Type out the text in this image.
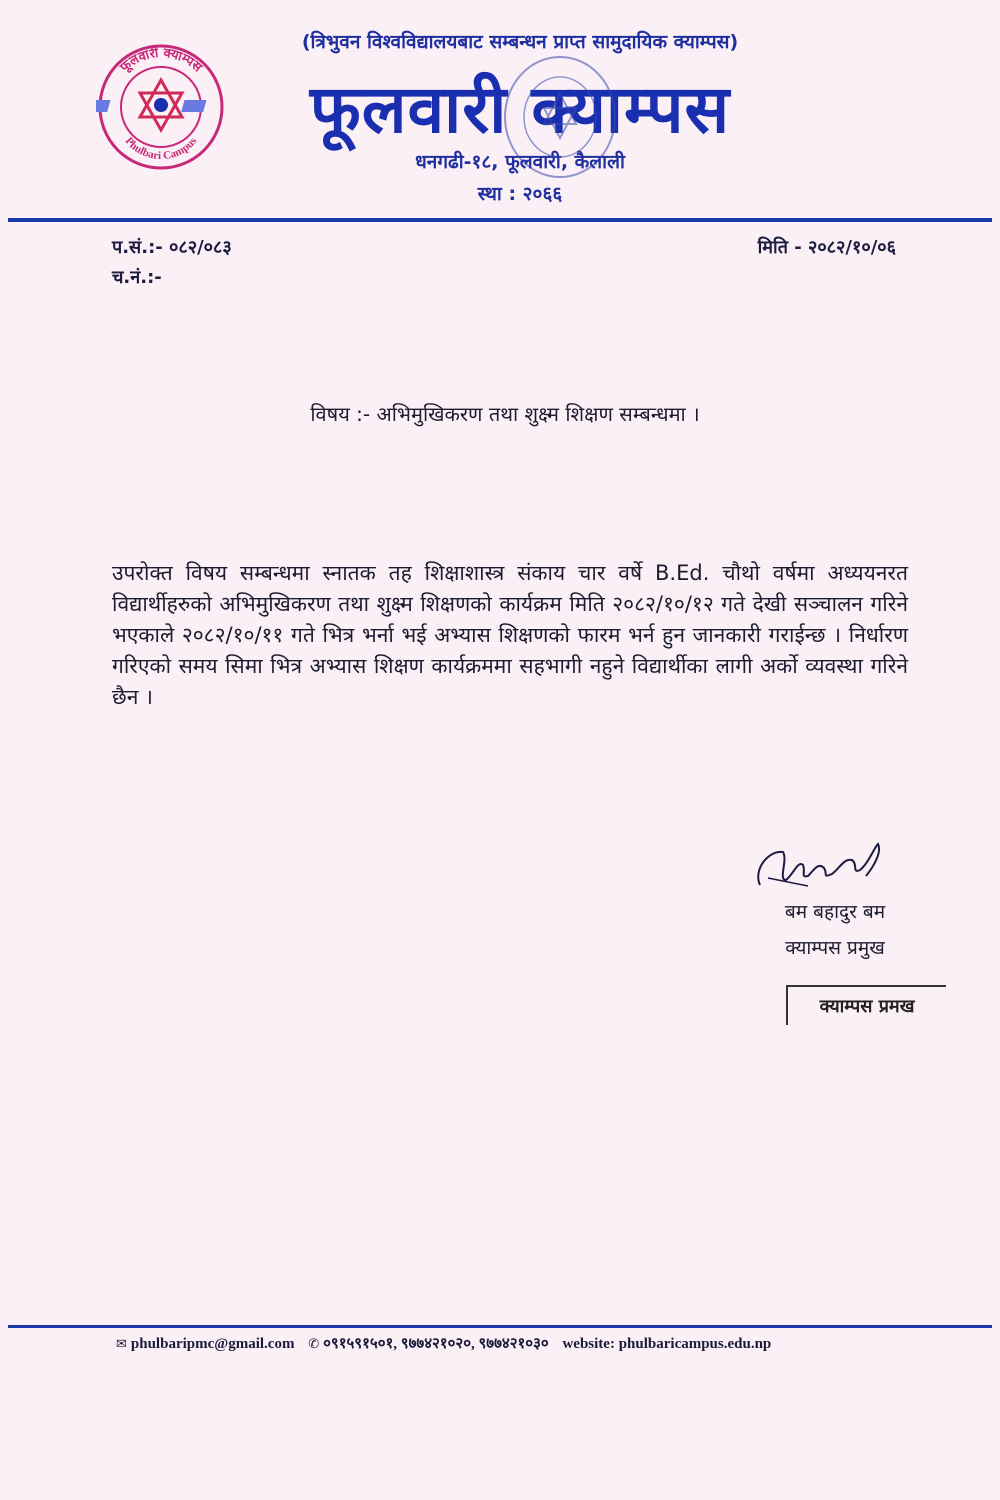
फूलवारी क्याम्पस
Phulbari Campus
(त्रिभुवन विश्वविद्यालयबाट सम्बन्धन प्राप्त सामुदायिक क्याम्पस)
फूलवारी क्याम्पस
धनगढी-१८, फूलवारी, कैलाली
स्था : २०६६
प.सं.:- ०८२/०८३
च.नं.:-
मिति - २०८२/१०/०६
विषय :- अभिमुखिकरण तथा शुक्ष्म शिक्षण सम्बन्धमा ।
उपरोक्त विषय सम्बन्धमा स्नातक तह शिक्षाशास्त्र संकाय चार वर्षे B.Ed. चौथो वर्षमा अध्ययनरत विद्यार्थीहरुको अभिमुखिकरण तथा शुक्ष्म शिक्षणको कार्यक्रम मिति २०८२/१०/१२ गते देखी सञ्चालन गरिने भएकाले २०८२/१०/११ गते भित्र भर्ना भई अभ्यास शिक्षणको फारम भर्न हुन जानकारी गराईन्छ । निर्धारण गरिएको समय सिमा भित्र अभ्यास शिक्षण कार्यक्रममा सहभागी नहुने विद्यार्थीका लागी अर्को व्यवस्था गरिने छैन ।
बम बहादुर बम
क्याम्पस प्रमुख
क्याम्पस प्रमख
✉ phulbaripmc@gmail.com ✆ ०९१५९१५०१, ९७७४२१०२०, ९७७४२१०३० website: phulbaricampus.edu.np
